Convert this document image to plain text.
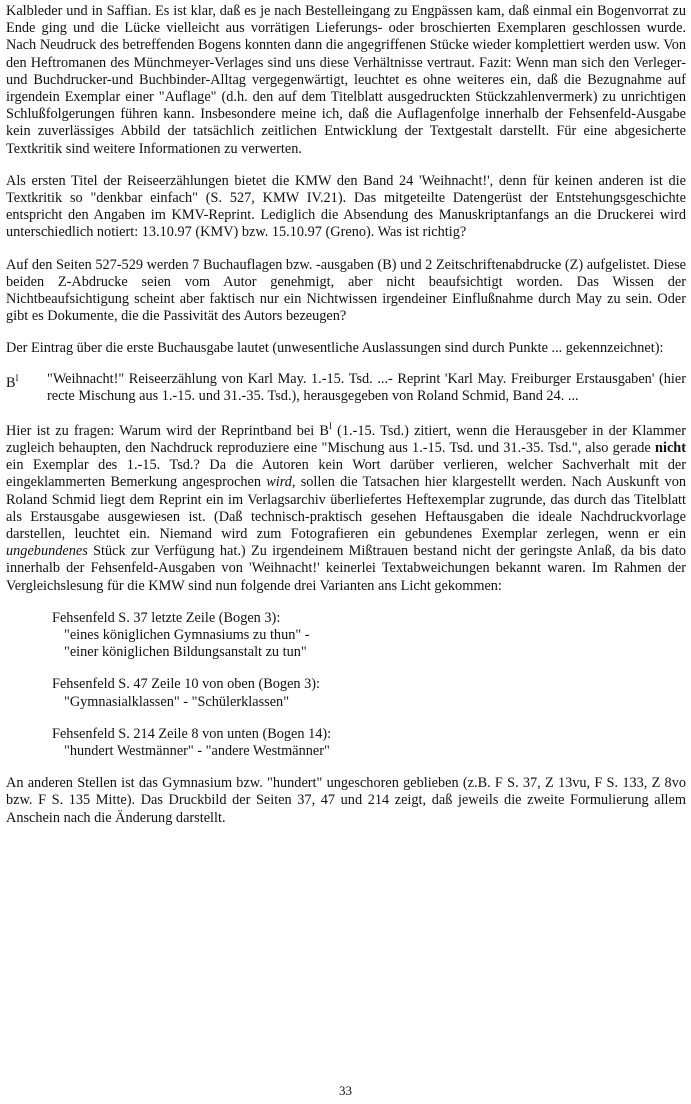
Kalbleder und in Saffian. Es ist klar, daß es je nach Bestelleingang zu Engpässen kam, daß einmal ein Bogenvorrat zu Ende ging und die Lücke vielleicht aus vorrätigen Lieferungs- oder broschierten Exemplaren geschlossen wurde. Nach Neudruck des betreffenden Bogens konnten dann die angegriffenen Stücke wieder komplettiert werden usw. Von den Heftromanen des Münchmeyer-Verlages sind uns diese Verhältnisse vertraut. Fazit: Wenn man sich den Verleger- und Buchdrucker-und Buchbinder-Alltag vergegenwärtigt, leuchtet es ohne weiteres ein, daß die Bezugnahme auf irgendein Exemplar einer "Auflage" (d.h. den auf dem Titelblatt ausgedruckten Stückzahlenvermerk) zu unrichtigen Schlußfolgerungen führen kann. Insbesondere meine ich, daß die Auflagenfolge innerhalb der Fehsenfeld-Ausgabe kein zuverlässiges Abbild der tatsächlich zeitlichen Entwicklung der Textgestalt darstellt. Für eine abgesicherte Textkritik sind weitere Informationen zu verwerten.

Als ersten Titel der Reiseerzählungen bietet die KMW den Band 24 'Weihnacht!', denn für keinen anderen ist die Textkritik so "denkbar einfach" (S. 527, KMW IV.21). Das mitgeteilte Datengerüst der Entstehungsgeschichte entspricht den Angaben im KMV-Reprint. Lediglich die Absendung des Manuskriptanfangs an die Druckerei wird unterschiedlich notiert: 13.10.97 (KMV) bzw. 15.10.97 (Greno). Was ist richtig?

Auf den Seiten 527-529 werden 7 Buchauflagen bzw. -ausgaben (B) und 2 Zeitschriftenabdrucke (Z) aufgelistet. Diese beiden Z-Abdrucke seien vom Autor genehmigt, aber nicht beaufsichtigt worden. Das Wissen der Nichtbeaufsichtigung scheint aber faktisch nur ein Nichtwissen irgendeiner Einflußnahme durch May zu sein. Oder gibt es Dokumente, die die Passivität des Autors bezeugen?

Der Eintrag über die erste Buchausgabe lautet (unwesentliche Auslassungen sind durch Punkte ... gekennzeichnet):

$B^I$ "Weihnacht!" Reiseerzählung von Karl May. 1.-15. Tsd. ...- Reprint 'Karl May. Freiburger Erstausgaben' (hier recte Mischung aus 1.-15. und 31.-35. Tsd.), herausgegeben von Roland Schmid, Band 24. ...

Hier ist zu fragen: Warum wird der Reprintband bei $B^I$ (1.-15. Tsd.) zitiert, wenn die Herausgeber in der Klammer zugleich behaupten, den Nachdruck reproduziere eine "Mischung aus 1.-15. Tsd. und 31.-35. Tsd.", also gerade nicht ein Exemplar des 1.-15. Tsd.? Da die Autoren kein Wort darüber verlieren, welcher Sachverhalt mit der eingeklammerten Bemerkung angesprochen wird, sollen die Tatsachen hier klargestellt werden. Nach Auskunft von Roland Schmid liegt dem Reprint ein im Verlagsarchiv überliefertes Heftexemplar zugrunde, das durch das Titelblatt als Erstausgabe ausgewiesen ist. (Daß technisch-praktisch gesehen Heftausgaben die ideale Nachdruckvorlage darstellen, leuchtet ein. Niemand wird zum Fotografieren ein gebundenes Exemplar zerlegen, wenn er ein ungebundenes Stück zur Verfügung hat.) Zu irgendeinem Mißtrauen bestand nicht der geringste Anlaß, da bis dato innerhalb der Fehsenfeld-Ausgaben von 'Weihnacht!' keinerlei Textabweichungen bekannt waren. Im Rahmen der Vergleichslesung für die KMW sind nun folgende drei Varianten ans Licht gekommen:

Fehsenfeld S. 37 letzte Zeile (Bogen 3):
"eines königlichen Gymnasiums zu thun" -
"einer königlichen Bildungsanstalt zu tun"
Fehsenfeld S. 47 Zeile 10 von oben (Bogen 3):
"Gymnasialklassen" - "Schülerklassen"
Fehsenfeld S. 214 Zeile 8 von unten (Bogen 14):
"hundert Westmänner" - "andere Westmänner"

An anderen Stellen ist das Gymnasium bzw. "hundert" ungeschoren geblieben (z.B. F S. 37, Z 13vu, F S. 133, Z 8vo bzw. F S. 135 Mitte). Das Druckbild der Seiten 37, 47 und 214 zeigt, daß jeweils die zweite Formulierung allem Anschein nach die Änderung darstellt.

33
